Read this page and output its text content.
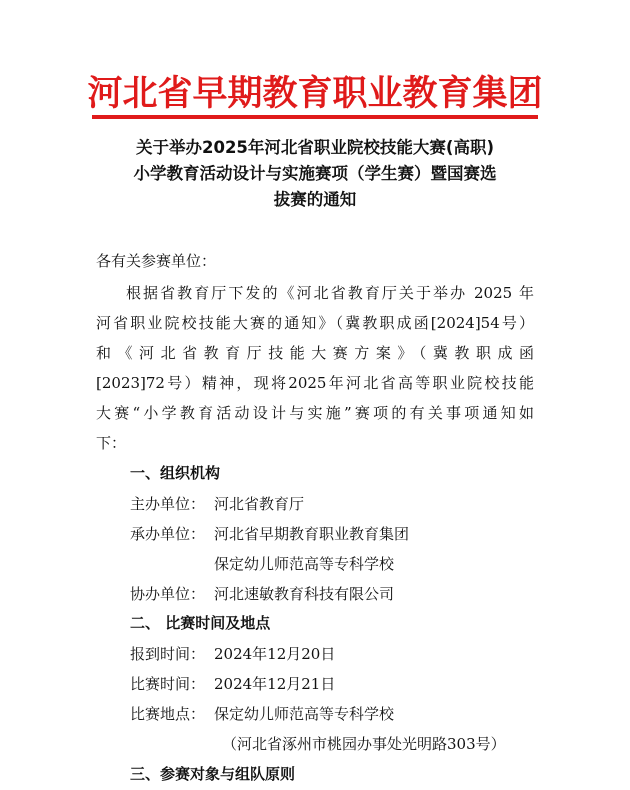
河北省早期教育职业教育集团
关于举办2025年河北省职业院校技能大赛(高职)
小学教育活动设计与实施赛项（学生赛）暨国赛选
拔赛的通知
各有关参赛单位：
根据省教育厅下发的《河北省教育厅关于举办 2025 年
河省职业院校技能大赛的通知》（冀教职成函[2024]54号）
和《河北省教育厅技能大赛方案》（冀教职成函
[2023]72号）精神，现将2025年河北省高等职业院校技能
大赛“小学教育活动设计与实施”赛项的有关事项通知如
下：
一、组织机构
主办单位： 河北省教育厅
承办单位： 河北省早期教育职业教育集团
保定幼儿师范高等专科学校
协办单位： 河北速敏教育科技有限公司
二、 比赛时间及地点
报到时间： 2024年12月20日
比赛时间： 2024年12月21日
比赛地点： 保定幼儿师范高等专科学校
（河北省涿州市桃园办事处光明路303号）
三、参赛对象与组队原则
